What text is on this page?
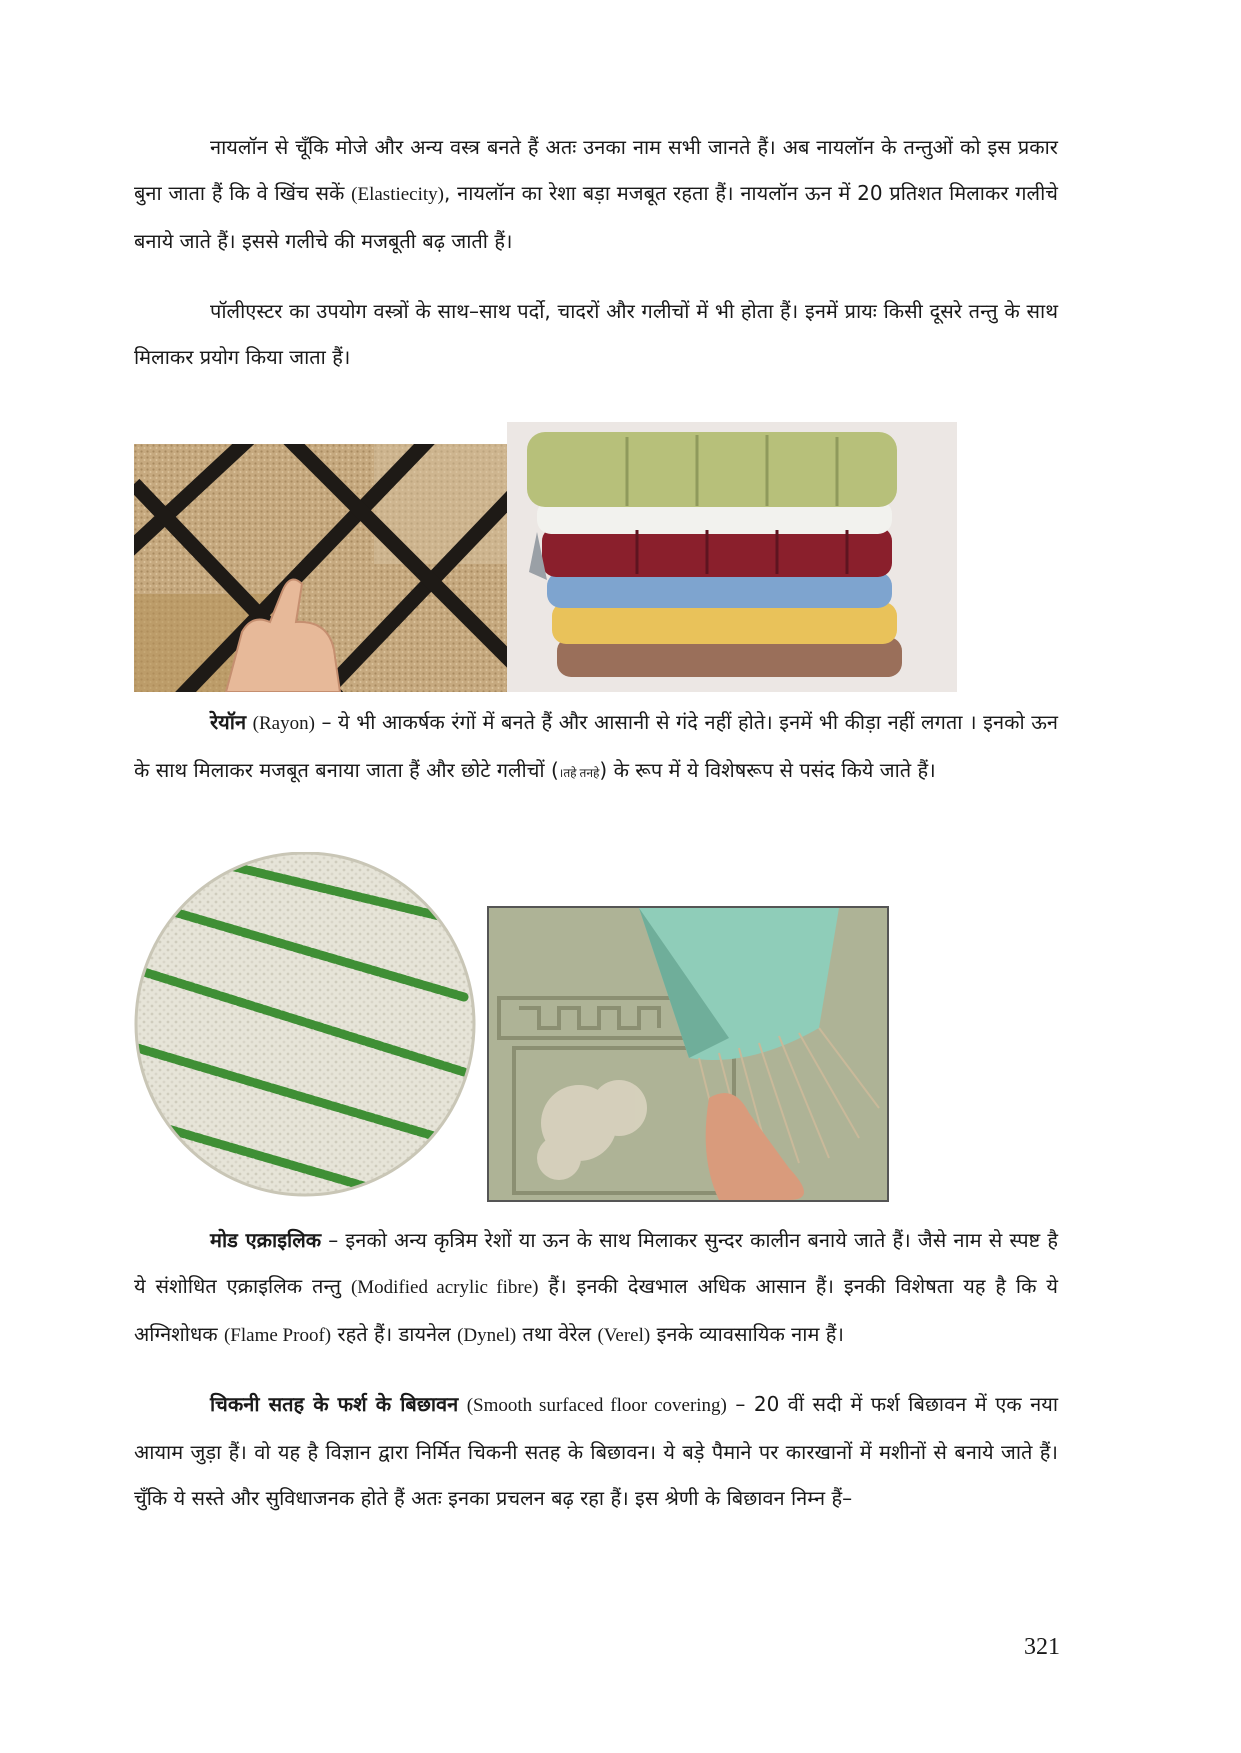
नायलॉन से चूँकि मोजे और अन्य वस्त्र बनते हैं अतः उनका नाम सभी जानते हैं। अब नायलॉन के तन्तुओं को इस प्रकार बुना जाता हैं कि वे खिंच सकें (Elastiecity), नायलॉन का रेशा बड़ा मजबूत रहता हैं। नायलॉन ऊन में 20 प्रतिशत मिलाकर गलीचे बनाये जाते हैं। इससे गलीचे की मजबूती बढ़ जाती हैं।

पॉलीएस्टर का उपयोग वस्त्रों के साथ–साथ पर्दो, चादरों और गलीचों में भी होता हैं। इनमें प्रायः किसी दूसरे तन्तु के साथ मिलाकर प्रयोग किया जाता हैं।

रेयॉन (Rayon) – ये भी आकर्षक रंगों में बनते हैं और आसानी से गंदे नहीं होते। इनमें भी कीड़ा नहीं लगता । इनको ऊन के साथ मिलाकर मजबूत बनाया जाता हैं और छोटे गलीचों (।तहे तनहे) के रूप में ये विशेषरूप से पसंद किये जाते हैं।

मोड एक्राइलिक – इनको अन्य कृत्रिम रेशों या ऊन के साथ मिलाकर सुन्दर कालीन बनाये जाते हैं। जैसे नाम से स्पष्ट है ये संशोधित एक्राइलिक तन्तु (Modified acrylic fibre) हैं। इनकी देखभाल अधिक आसान हैं। इनकी विशेषता यह है कि ये अग्निशोधक (Flame Proof) रहते हैं। डायनेल (Dynel) तथा वेरेल (Verel) इनके व्यावसायिक नाम हैं।

चिकनी सतह के फर्श के बिछावन (Smooth surfaced floor covering) – 20 वीं सदी में फर्श बिछावन में एक नया आयाम जुड़ा हैं। वो यह है विज्ञान द्वारा निर्मित चिकनी सतह के बिछावन। ये बड़े पैमाने पर कारखानों में मशीनों से बनाये जाते हैं। चुँकि ये सस्ते और सुविधाजनक होते हैं अतः इनका प्रचलन बढ़ रहा हैं। इस श्रेणी के बिछावन निम्न हैं–

321
